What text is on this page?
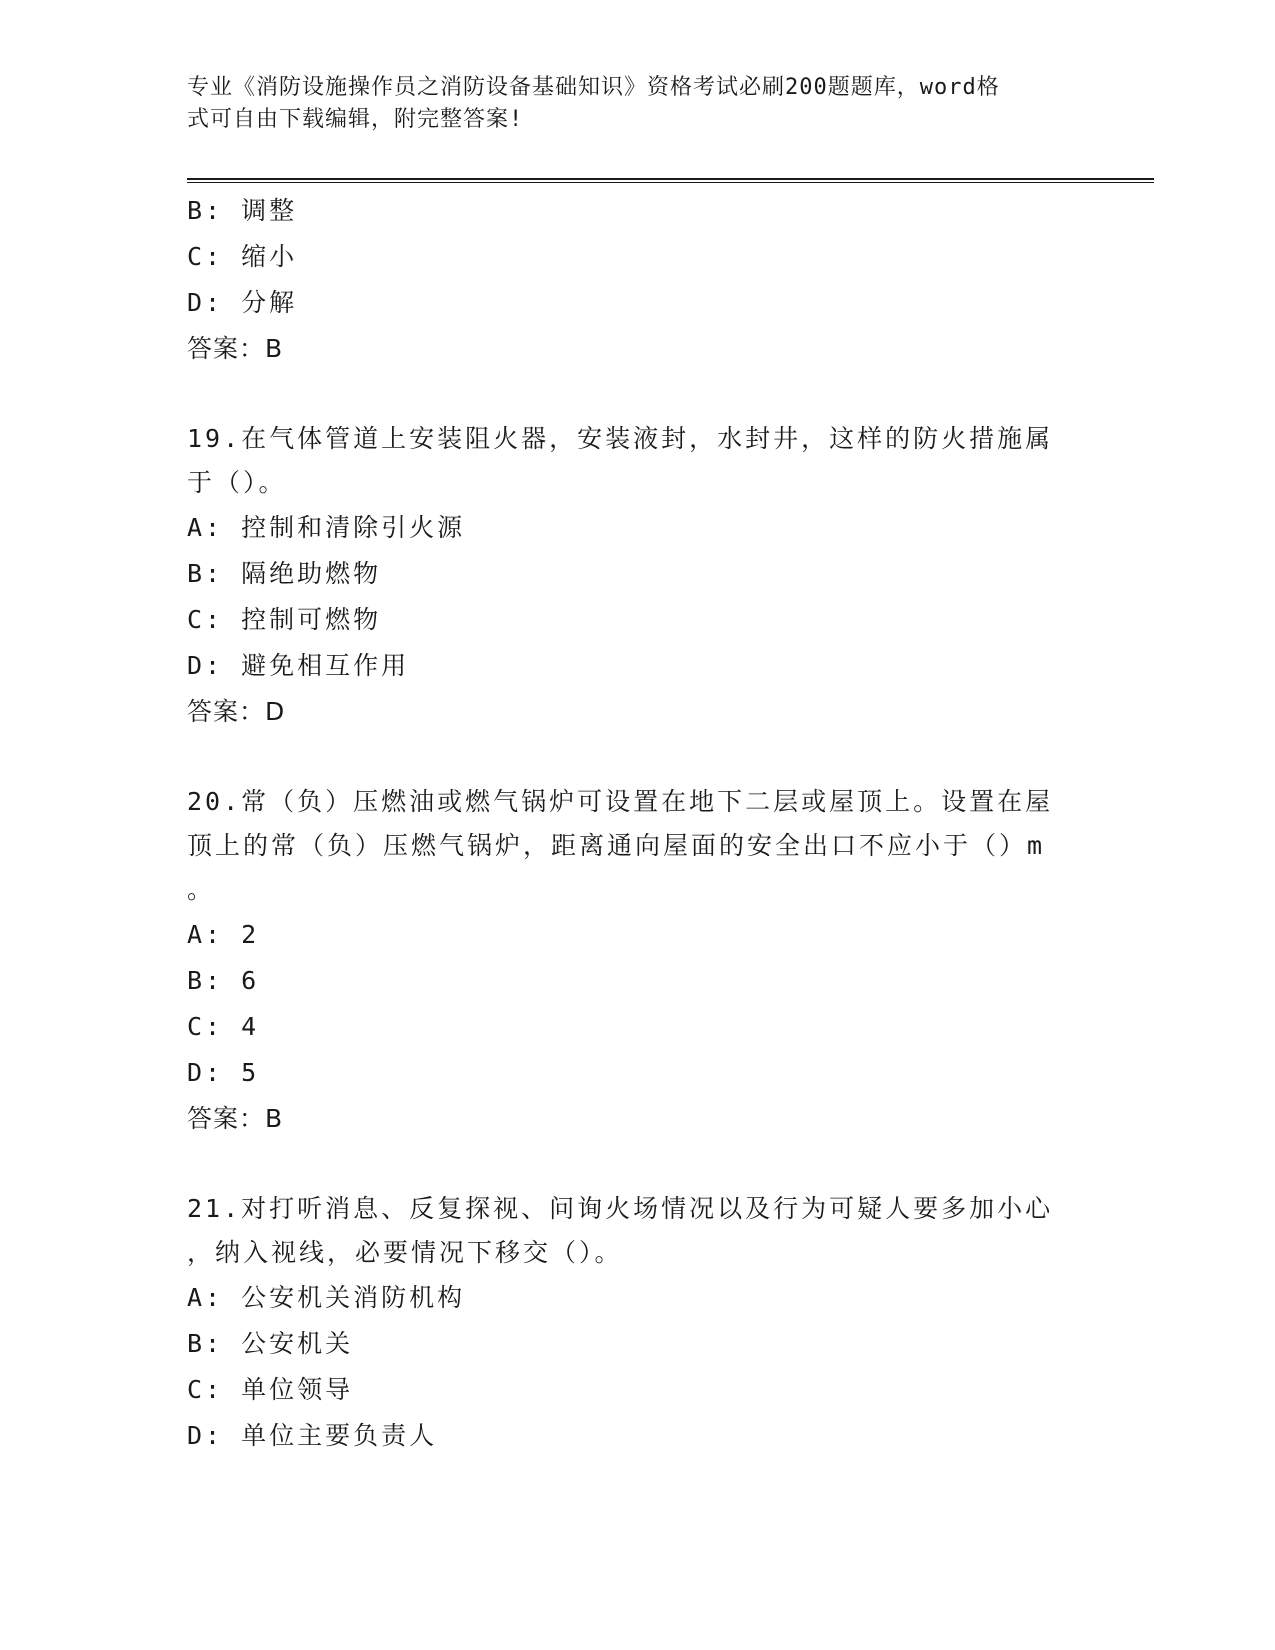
专业《消防设施操作员之消防设备基础知识》资格考试必刷200题题库，word格
式可自由下载编辑，附完整答案!
B: 调整
C: 缩小
D: 分解
答案：B
19.在气体管道上安装阻火器，安装液封，水封井，这样的防火措施属
于（）。
A: 控制和清除引火源
B: 隔绝助燃物
C: 控制可燃物
D: 避免相互作用
答案：D
20.常（负）压燃油或燃气锅炉可设置在地下二层或屋顶上。设置在屋
顶上的常（负）压燃气锅炉，距离通向屋面的安全出口不应小于（）m
。
A: 2
B: 6
C: 4
D: 5
答案：B
21.对打听消息、反复探视、问询火场情况以及行为可疑人要多加小心
，纳入视线，必要情况下移交（）。
A: 公安机关消防机构
B: 公安机关
C: 单位领导
D: 单位主要负责人
